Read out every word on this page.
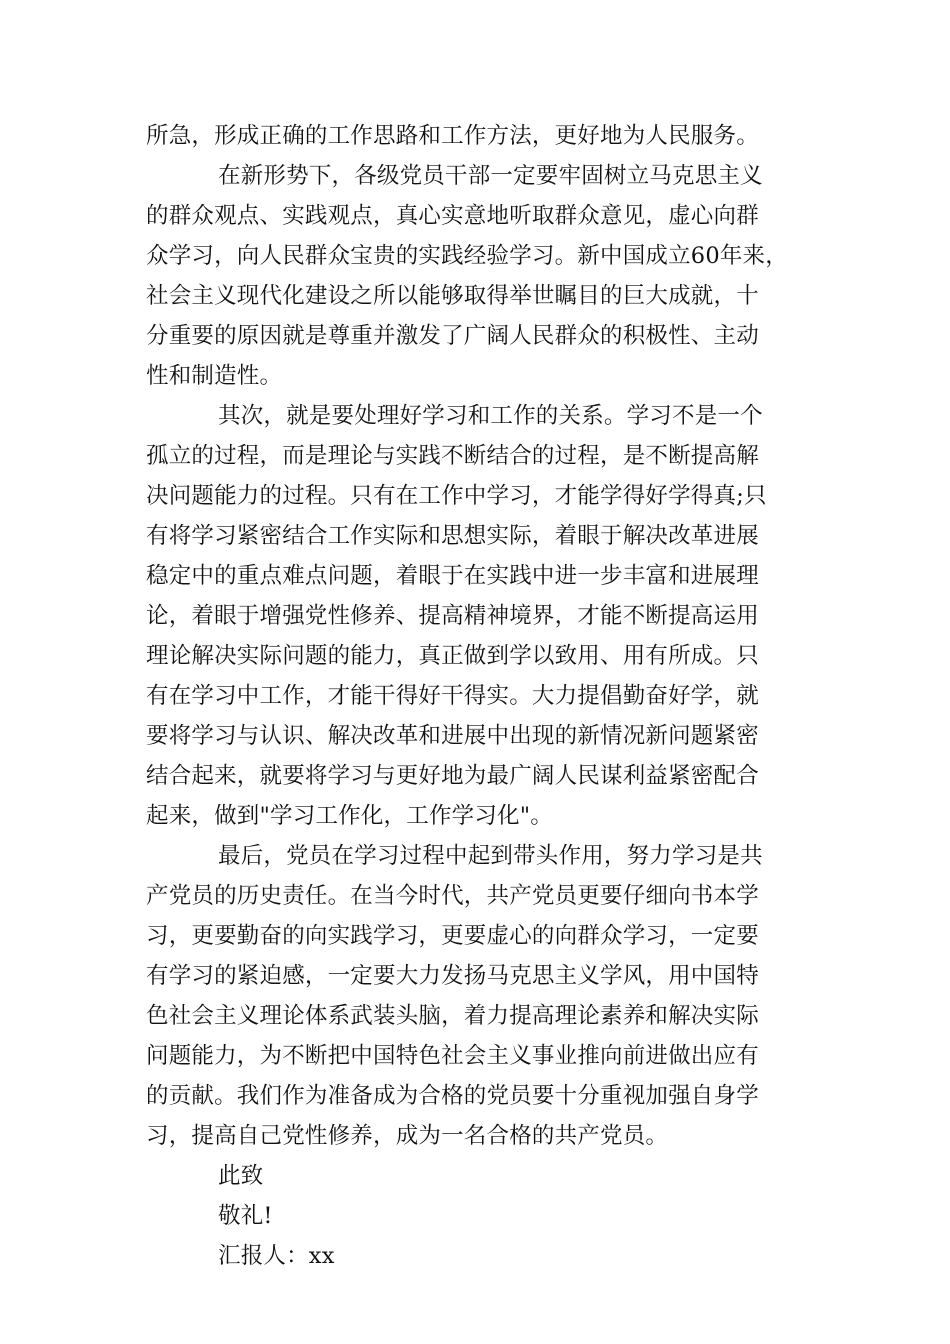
所急，形成正确的工作思路和工作方法，更好地为人民服务。
在新形势下，各级党员干部一定要牢固树立马克思主义
的群众观点、实践观点，真心实意地听取群众意见，虚心向群
众学习，向人民群众宝贵的实践经验学习。新中国成立60年来，
社会主义现代化建设之所以能够取得举世瞩目的巨大成就，十
分重要的原因就是尊重并激发了广阔人民群众的积极性、主动
性和制造性。
其次，就是要处理好学习和工作的关系。学习不是一个
孤立的过程，而是理论与实践不断结合的过程，是不断提高解
决问题能力的过程。只有在工作中学习，才能学得好学得真;只
有将学习紧密结合工作实际和思想实际，着眼于解决改革进展
稳定中的重点难点问题，着眼于在实践中进一步丰富和进展理
论，着眼于增强党性修养、提高精神境界，才能不断提高运用
理论解决实际问题的能力，真正做到学以致用、用有所成。只
有在学习中工作，才能干得好干得实。大力提倡勤奋好学，就
要将学习与认识、解决改革和进展中出现的新情况新问题紧密
结合起来，就要将学习与更好地为最广阔人民谋利益紧密配合
起来，做到"学习工作化，工作学习化"。
最后，党员在学习过程中起到带头作用，努力学习是共
产党员的历史责任。在当今时代，共产党员更要仔细向书本学
习，更要勤奋的向实践学习，更要虚心的向群众学习，一定要
有学习的紧迫感，一定要大力发扬马克思主义学风，用中国特
色社会主义理论体系武装头脑，着力提高理论素养和解决实际
问题能力，为不断把中国特色社会主义事业推向前进做出应有
的贡献。我们作为准备成为合格的党员要十分重视加强自身学
习，提高自己党性修养，成为一名合格的共产党员。
此致
敬礼!
汇报人：xx
